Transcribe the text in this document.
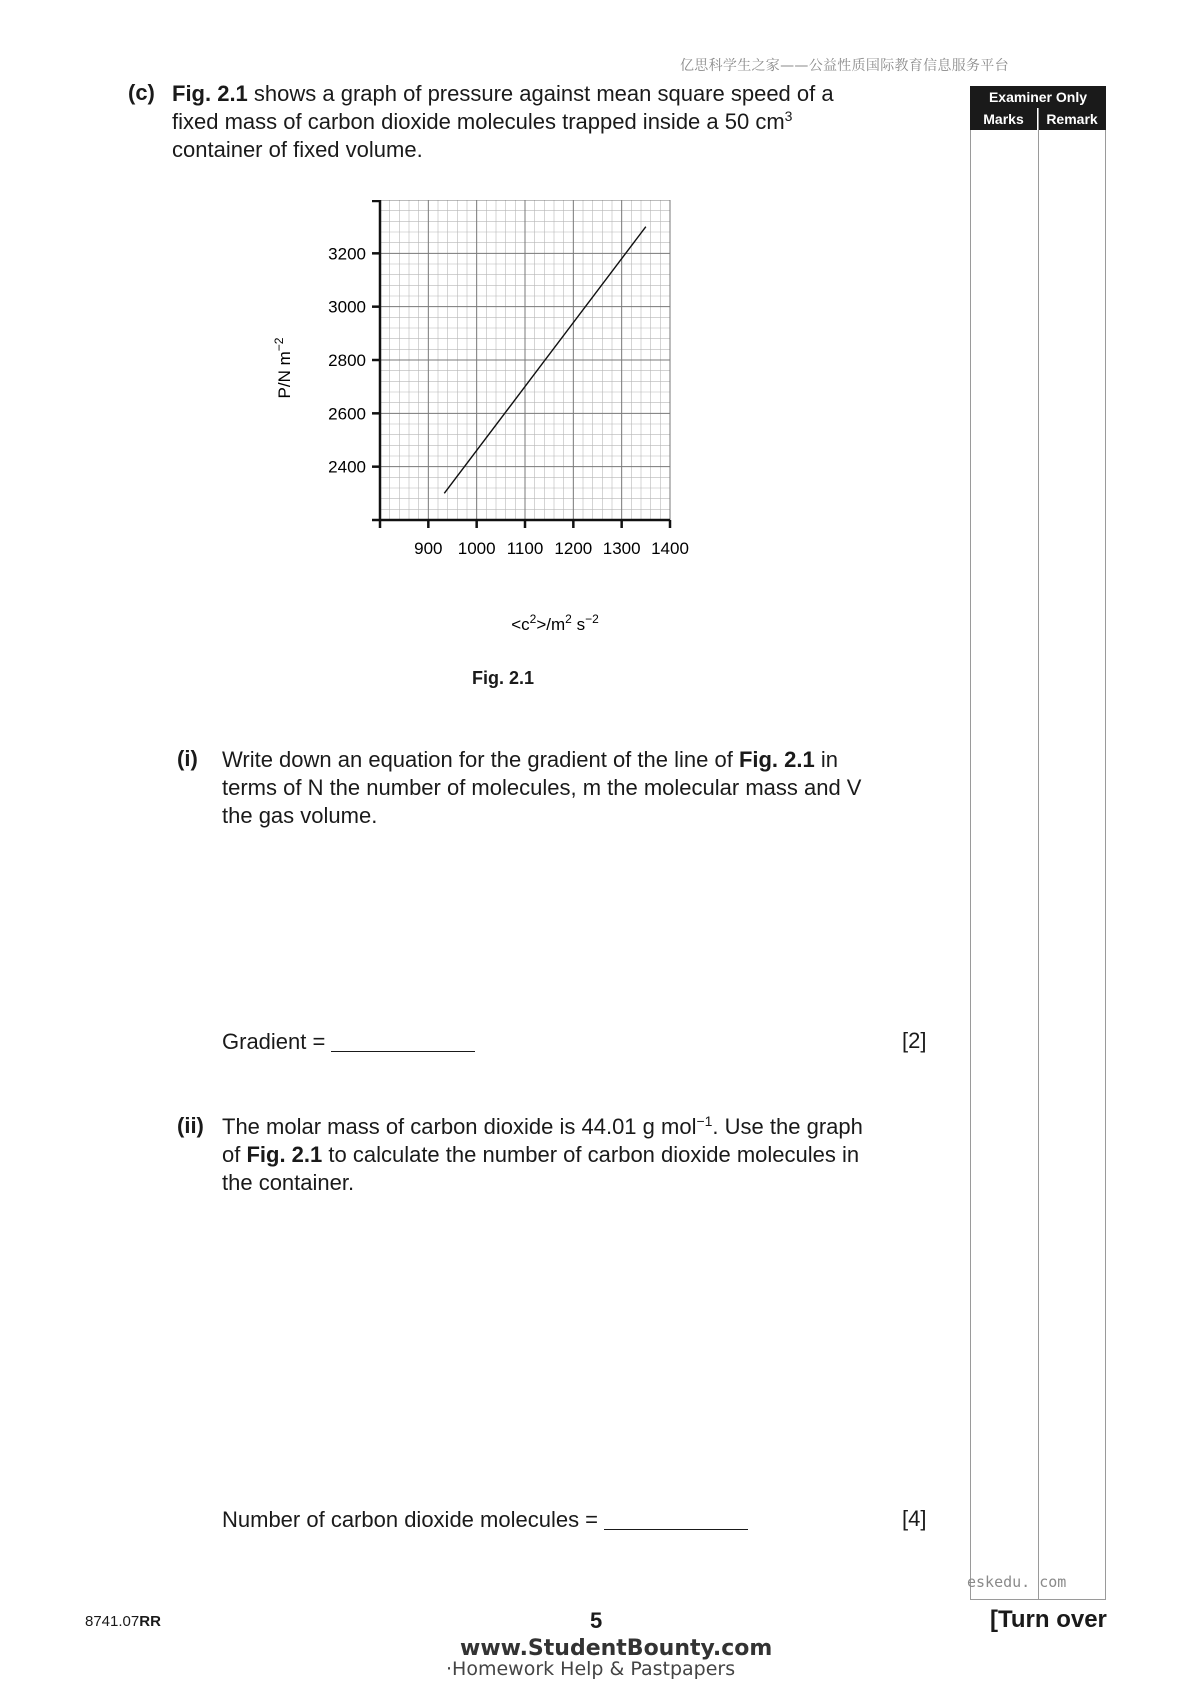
亿思科学生之家——公益性质国际教育信息服务平台
Examiner Only
Marks	Remark
(c) Fig. 2.1 shows a graph of pressure against mean square speed of a
fixed mass of carbon dioxide molecules trapped inside a 50 $cm^3$
container of fixed volume.
900 1000 1100 1200 1300 1400
2400
2600
2800
3000
3200
$<c^2>/m^2$ $s^{-2}$
P/N $m^{-2}$
Fig. 2.1
(i) Write down an equation for the gradient of the line of Fig. 2.1 in
terms of N the number of molecules, m the molecular mass and V
the gas volume.
Gradient =	[2]
(ii) The molar mass of carbon dioxide is 44.01 g mol$^{-1}$. Use the graph
of Fig. 2.1 to calculate the number of carbon dioxide molecules in
the container.
Number of carbon dioxide molecules =	[4]
eskedu. com
8741.07RR	5	[Turn over
www.StudentBounty.com
·Homework Help & Pastpapers
